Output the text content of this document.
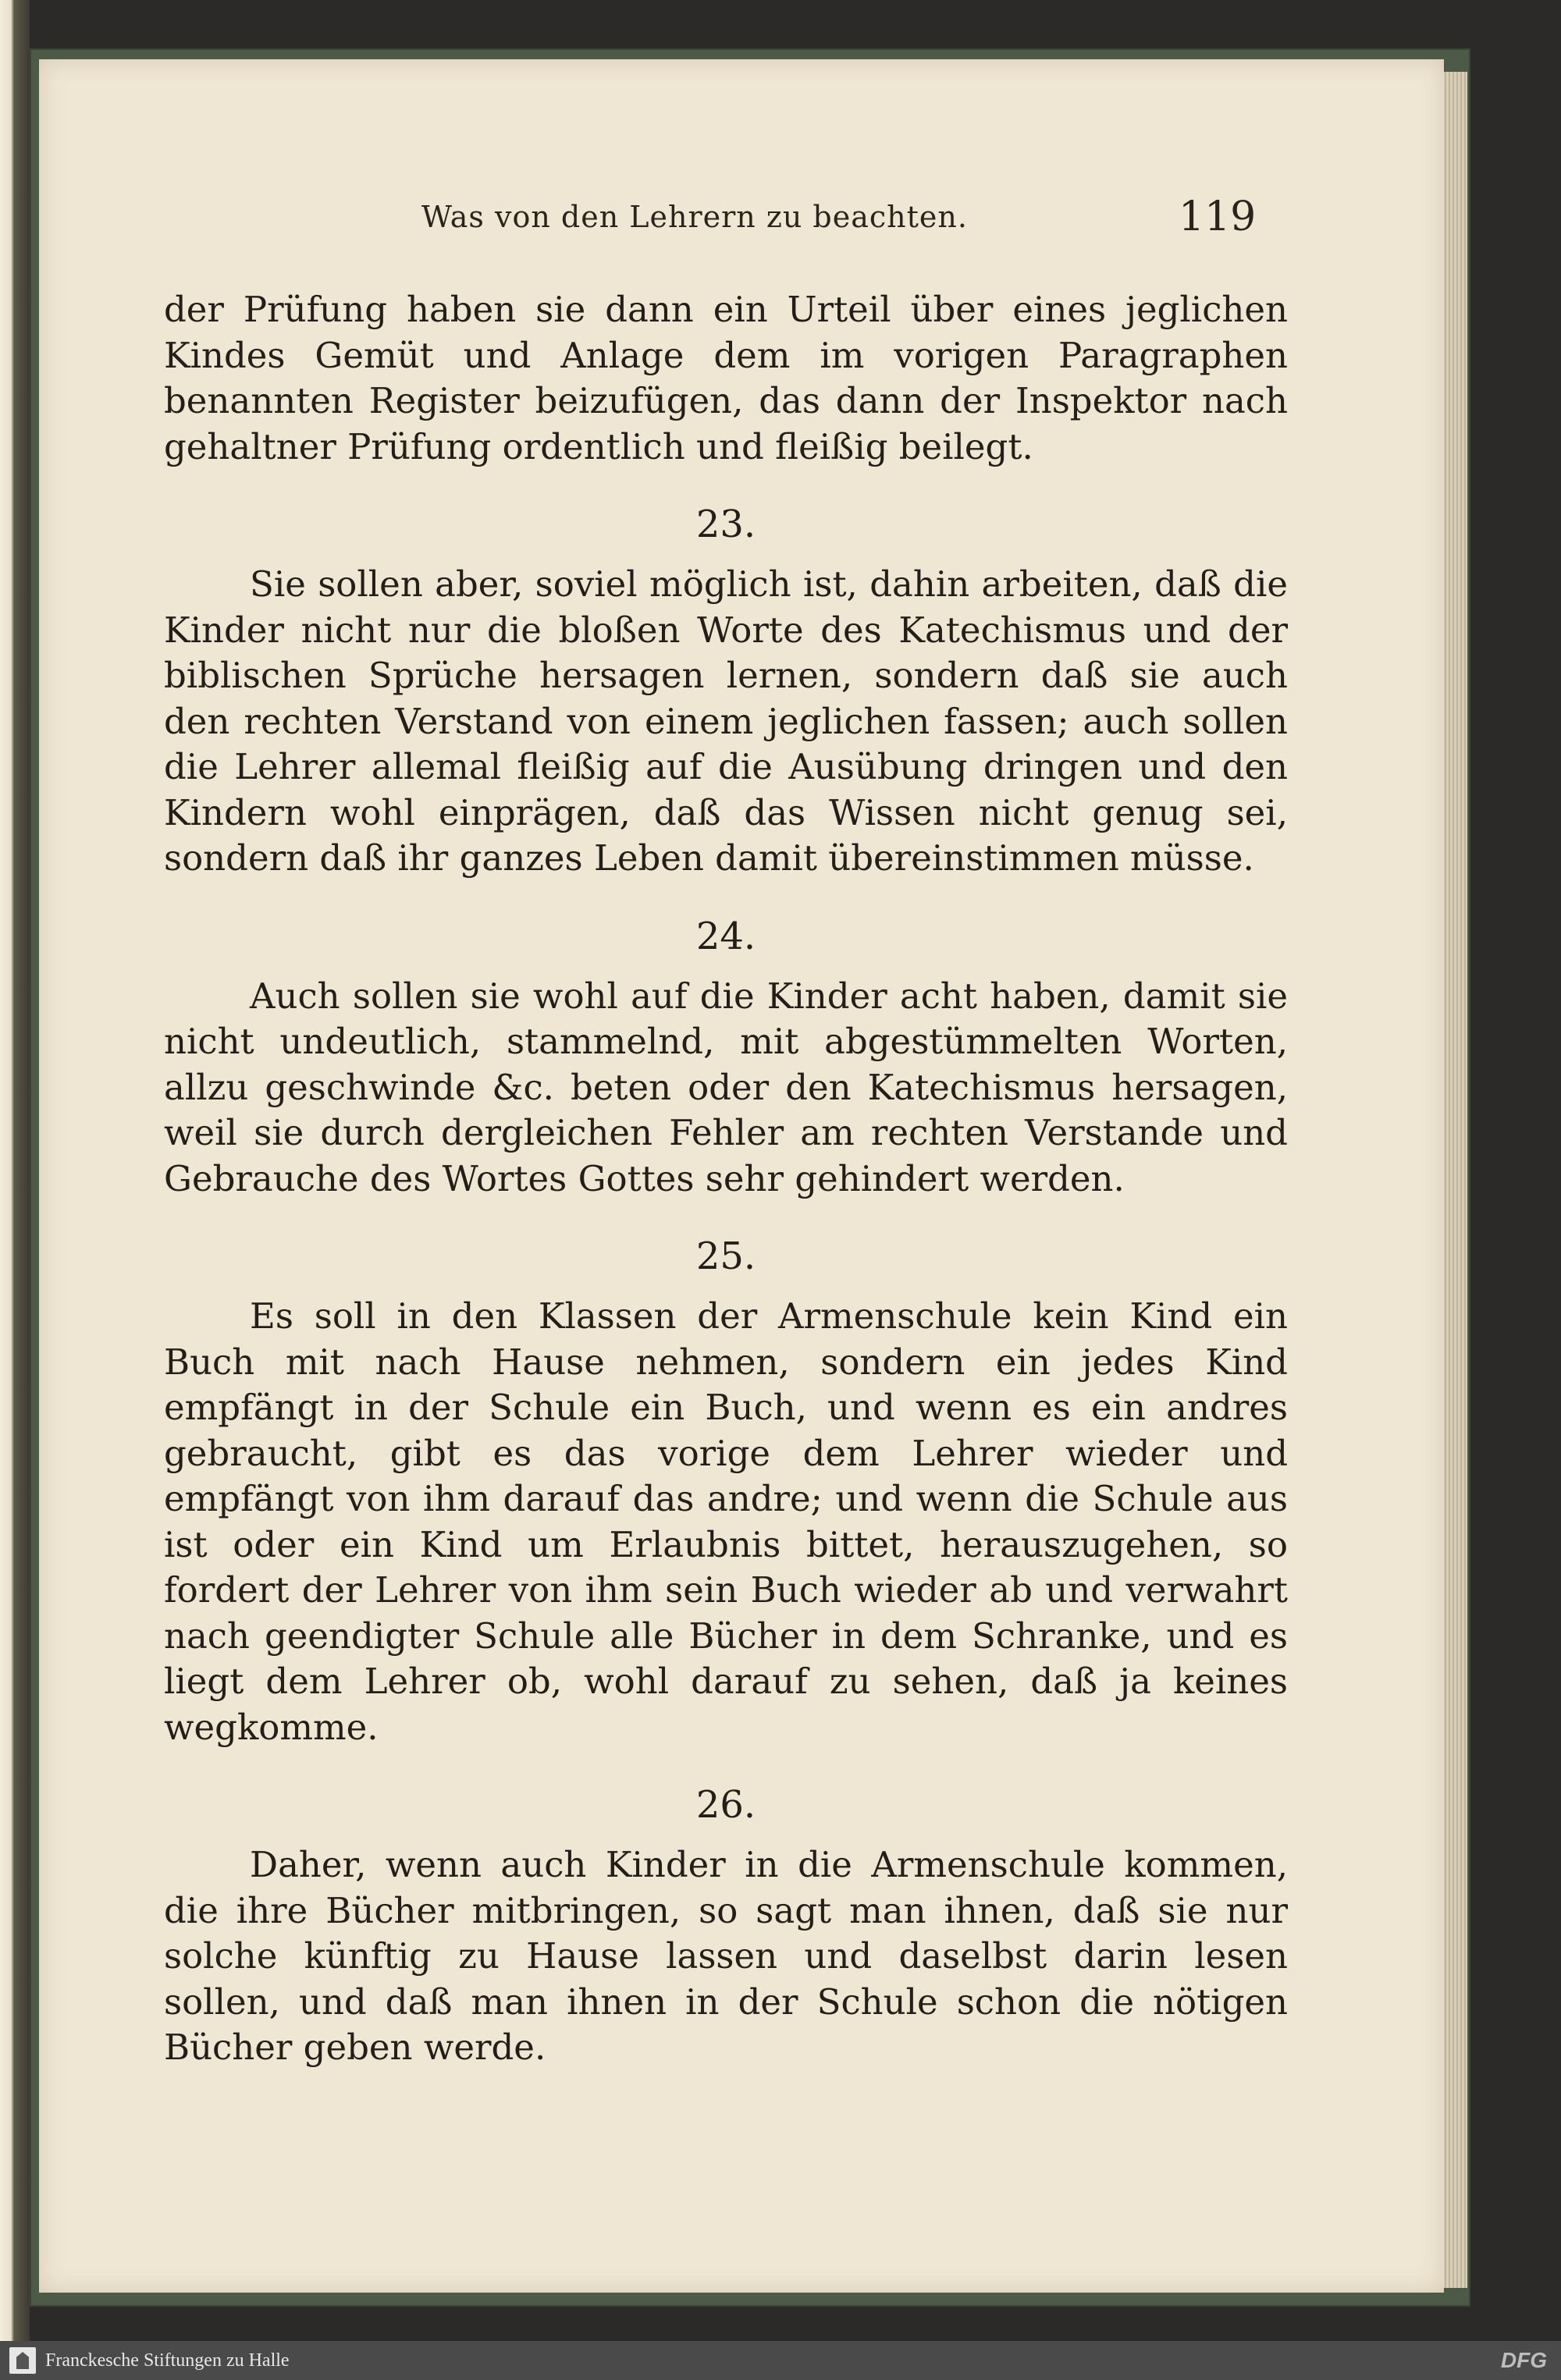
Was von den Lehrern zu beachten.	119

der Prüfung haben sie dann ein Urteil über eines jeglichen Kindes Gemüt und Anlage dem im vorigen Paragraphen benannten Register beizufügen, das dann der Inspektor nach gehaltner Prüfung ordentlich und fleißig beilegt.

23.

Sie sollen aber, soviel möglich ist, dahin arbeiten, daß die Kinder nicht nur die bloßen Worte des Katechismus und der biblischen Sprüche hersagen lernen, sondern daß sie auch den rechten Verstand von einem jeglichen fassen; auch sollen die Lehrer allemal fleißig auf die Ausübung dringen und den Kindern wohl einprägen, daß das Wissen nicht genug sei, sondern daß ihr ganzes Leben damit übereinstimmen müsse.

24.

Auch sollen sie wohl auf die Kinder acht haben, damit sie nicht undeutlich, stammelnd, mit abgestümmelten Worten, allzu geschwinde &c. beten oder den Katechismus hersagen, weil sie durch dergleichen Fehler am rechten Verstande und Gebrauche des Wortes Gottes sehr gehindert werden.

25.

Es soll in den Klassen der Armenschule kein Kind ein Buch mit nach Hause nehmen, sondern ein jedes Kind empfängt in der Schule ein Buch, und wenn es ein andres gebraucht, gibt es das vorige dem Lehrer wieder und empfängt von ihm darauf das andre; und wenn die Schule aus ist oder ein Kind um Erlaubnis bittet, herauszugehen, so fordert der Lehrer von ihm sein Buch wieder ab und verwahrt nach geendigter Schule alle Bücher in dem Schranke, und es liegt dem Lehrer ob, wohl darauf zu sehen, daß ja keines wegkomme.

26.

Daher, wenn auch Kinder in die Armenschule kommen, die ihre Bücher mitbringen, so sagt man ihnen, daß sie nur solche künftig zu Hause lassen und daselbst darin lesen sollen, und daß man ihnen in der Schule schon die nötigen Bücher geben werde.

Franckesche Stiftungen zu Halle	DFG
